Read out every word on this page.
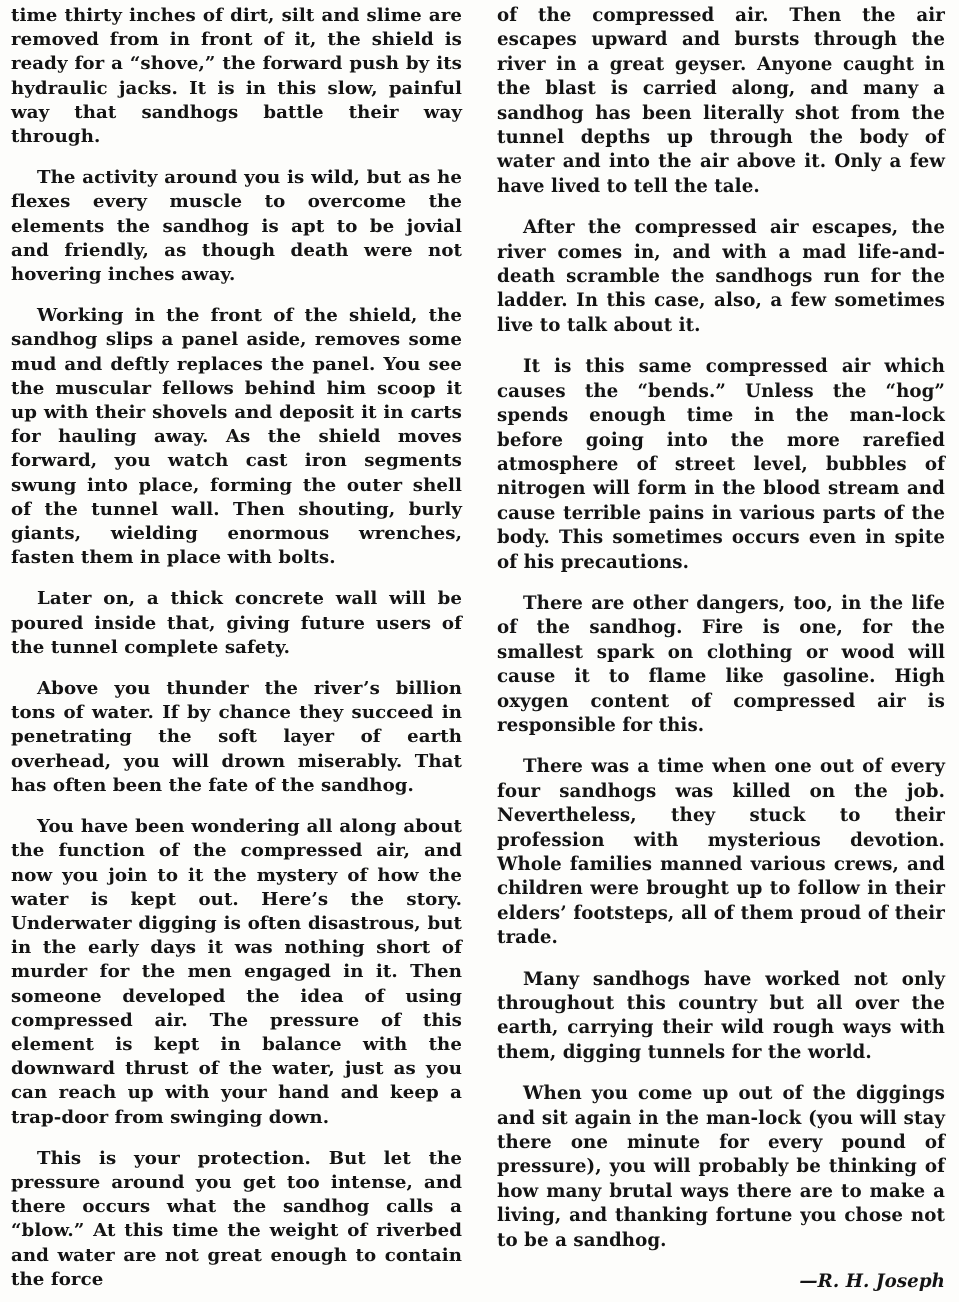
time thirty inches of dirt, silt and slime are removed from in front of it, the shield is ready for a “shove,” the forward push by its hydraulic jacks. It is in this slow, painful way that sandhogs battle their way through.

The activity around you is wild, but as he flexes every muscle to overcome the elements the sandhog is apt to be jovial and friendly, as though death were not hovering inches away.

Working in the front of the shield, the sandhog slips a panel aside, removes some mud and deftly replaces the panel. You see the muscular fellows behind him scoop it up with their shovels and deposit it in carts for hauling away. As the shield moves forward, you watch cast iron segments swung into place, forming the outer shell of the tunnel wall. Then shouting, burly giants, wielding enormous wrenches, fasten them in place with bolts.

Later on, a thick concrete wall will be poured inside that, giving future users of the tunnel complete safety.

Above you thunder the river’s billion tons of water. If by chance they succeed in penetrating the soft layer of earth overhead, you will drown miserably. That has often been the fate of the sandhog.

You have been wondering all along about the function of the compressed air, and now you join to it the mystery of how the water is kept out. Here’s the story. Underwater digging is often disastrous, but in the early days it was nothing short of murder for the men engaged in it. Then someone developed the idea of using compressed air. The pressure of this element is kept in balance with the downward thrust of the water, just as you can reach up with your hand and keep a trap-door from swinging down.

This is your protection. But let the pressure around you get too intense, and there occurs what the sandhog calls a “blow.” At this time the weight of riverbed and water are not great enough to contain the force

of the compressed air. Then the air escapes upward and bursts through the river in a great geyser. Anyone caught in the blast is carried along, and many a sandhog has been literally shot from the tunnel depths up through the body of water and into the air above it. Only a few have lived to tell the tale.

After the compressed air escapes, the river comes in, and with a mad life-and-death scramble the sandhogs run for the ladder. In this case, also, a few sometimes live to talk about it.

It is this same compressed air which causes the “bends.” Unless the “hog” spends enough time in the man-lock before going into the more rarefied atmosphere of street level, bubbles of nitrogen will form in the blood stream and cause terrible pains in various parts of the body. This sometimes occurs even in spite of his precautions.

There are other dangers, too, in the life of the sandhog. Fire is one, for the smallest spark on clothing or wood will cause it to flame like gasoline. High oxygen content of compressed air is responsible for this.

There was a time when one out of every four sandhogs was killed on the job. Nevertheless, they stuck to their profession with mysterious devotion. Whole families manned various crews, and children were brought up to follow in their elders’ footsteps, all of them proud of their trade.

Many sandhogs have worked not only throughout this country but all over the earth, carrying their wild rough ways with them, digging tunnels for the world.

When you come up out of the diggings and sit again in the man-lock (you will stay there one minute for every pound of pressure), you will probably be thinking of how many brutal ways there are to make a living, and thanking fortune you chose not to be a sandhog.

—R. H. Joseph
